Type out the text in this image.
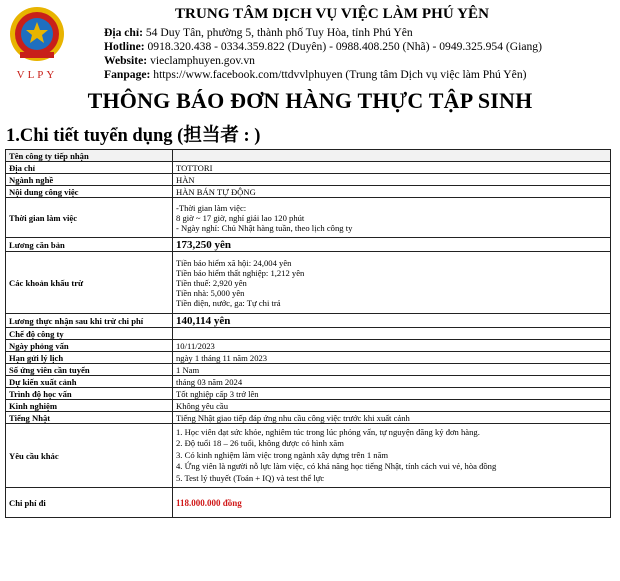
VLPY
TRUNG TÂM DỊCH VỤ VIỆC LÀM PHÚ YÊN
Địa chỉ: 54 Duy Tân, phường 5, thành phố Tuy Hòa, tỉnh Phú Yên
Hotline: 0918.320.438 - 0334.359.822 (Duyên) - 0988.408.250 (Nhã) - 0949.325.954 (Giang)
Website: vieclamphuyen.gov.vn
Fanpage: https://www.facebook.com/ttdvvlphuyen (Trung tâm Dịch vụ việc làm Phú Yên)
THÔNG BÁO ĐƠN HÀNG THỰC TẬP SINH
1.Chi tiết tuyển dụng (担当者 : )
Tên công ty tiếp nhận	
Địa chỉ	TOTTORI
Ngành nghề	HÀN
Nội dung công việc	HÀN BÁN TỰ ĐỘNG
Thời gian làm việc	-Thời gian làm việc:
8 giờ ~ 17 giờ, nghỉ giải lao 120 phút
- Ngày nghỉ: Chủ Nhật hàng tuần, theo lịch công ty

Lương căn bản	173,250 yên
Các khoản khấu trừ	Tiền bảo hiểm xã hội: 24,004 yên
Tiền bảo hiểm thất nghiệp: 1,212 yên
Tiền thuế: 2,920 yên
Tiền nhà: 5,000 yên
Tiền điện, nước, ga: Tự chi trả

Lương thực nhận sau khi trừ chi phí	140,114 yên
Chế độ công ty	
Ngày phỏng vấn	10/11/2023
Hạn gửi lý lịch	ngày 1 tháng 11 năm 2023
Số ứng viên cần tuyển	1 Nam
Dự kiến xuất cảnh	tháng 03 năm 2024
Trình độ học vấn	Tốt nghiệp cấp 3 trở lên
Kinh nghiệm	Không yêu cầu
Tiếng Nhật	Tiếng Nhật giao tiếp đáp ứng nhu cầu công việc trước khi xuất cảnh
Yêu cầu khác	1. Học viên đạt sức khỏe, nghiêm túc trong lúc phỏng vấn, tự nguyện đăng ký đơn hàng.
2. Độ tuổi 18 – 26 tuổi, không được có hình xăm
3. Có kinh nghiệm làm việc trong ngành xây dựng trên 1 năm
4. Ứng viên là người nỗ lực làm việc, có khả năng học tiếng Nhật, tính cách vui vẻ, hòa đồng
5. Test lý thuyết (Toán + IQ) và test thể lực

Chi phí đi	118.000.000 đồng
